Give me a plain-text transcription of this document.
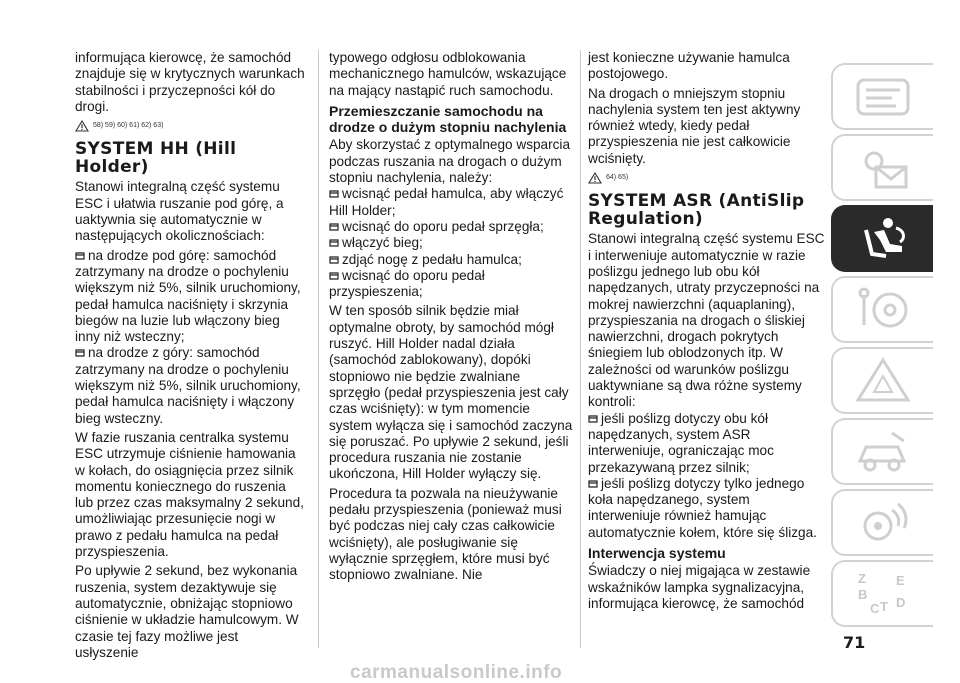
informująca kierowcę, że samochód znajduje się w krytycznych warunkach stabilności i przyczepności kół do drogi.

58) 59) 60) 61) 62) 63)
SYSTEM HH (Hill Holder)

Stanowi integralną część systemu ESC i ułatwia ruszanie pod górę, a uaktywnia się automatycznie w następujących okolicznościach:

na drodze pod górę: samochód zatrzymany na drodze o pochyleniu większym niż 5%, silnik uruchomiony, pedał hamulca naciśnięty i skrzynia biegów na luzie lub włączony bieg inny niż wsteczny;

na drodze z góry: samochód zatrzymany na drodze o pochyleniu większym niż 5%, silnik uruchomiony, pedał hamulca naciśnięty i włączony bieg wsteczny.

W fazie ruszania centralka systemu ESC utrzymuje ciśnienie hamowania w kołach, do osiągnięcia przez silnik momentu koniecznego do ruszenia lub przez czas maksymalny 2 sekund, umożliwiając przesunięcie nogi w prawo z pedału hamulca na pedał przyspieszenia.

Po upływie 2 sekund, bez wykonania ruszenia, system dezaktywuje się automatycznie, obniżając stopniowo ciśnienie w układzie hamulcowym. W czasie tej fazy możliwe jest usłyszenie

typowego odgłosu odblokowania mechanicznego hamulców, wskazujące na mający nastąpić ruch samochodu.

Przemieszczanie samochodu na drodze o dużym stopniu nachylenia

Aby skorzystać z optymalnego wsparcia podczas ruszania na drogach o dużym stopniu nachylenia, należy:

wcisnąć pedał hamulca, aby włączyć Hill Holder;

wcisnąć do oporu pedał sprzęgła;

włączyć bieg;

zdjąć nogę z pedału hamulca;

wcisnąć do oporu pedał przyspieszenia;

W ten sposób silnik będzie miał optymalne obroty, by samochód mógł ruszyć. Hill Holder nadal działa (samochód zablokowany), dopóki stopniowo nie będzie zwalniane sprzęgło (pedał przyspieszenia jest cały czas wciśnięty): w tym momencie system wyłącza się i samochód zaczyna się poruszać. Po upływie 2 sekund, jeśli procedura ruszania nie zostanie ukończona, Hill Holder wyłączy się.

Procedura ta pozwala na nieużywanie pedału przyspieszenia (ponieważ musi być podczas niej cały czas całkowicie wciśnięty), ale posługiwanie się wyłącznie sprzęgłem, które musi być stopniowo zwalniane. Nie

jest konieczne używanie hamulca postojowego.

Na drogach o mniejszym stopniu nachylenia system ten jest aktywny również wtedy, kiedy pedał przyspieszenia nie jest całkowicie wciśnięty.

64) 65)
SYSTEM ASR (AntiSlip Regulation)

Stanowi integralną część systemu ESC i interweniuje automatycznie w razie poślizgu jednego lub obu kół napędzanych, utraty przyczepności na mokrej nawierzchni (aquaplaning), przyspieszania na drogach o śliskiej nawierzchni, drogach pokrytych śniegiem lub oblodzonych itp. W zależności od warunków poślizgu uaktywniane są dwa różne systemy kontroli:

jeśli poślizg dotyczy obu kół napędzanych, system ASR interweniuje, ograniczając moc przekazywaną przez silnik;

jeśli poślizg dotyczy tylko jednego koła napędzanego, system interweniuje również hamując automatycznie kołem, które się ślizga.

Interwencja systemu

Świadczy o niej migająca w zestawie wskaźników lampka sygnalizacyjna, informująca kierowcę, że samochód

Z E
B
C T D
71
carmanualsonline.info
